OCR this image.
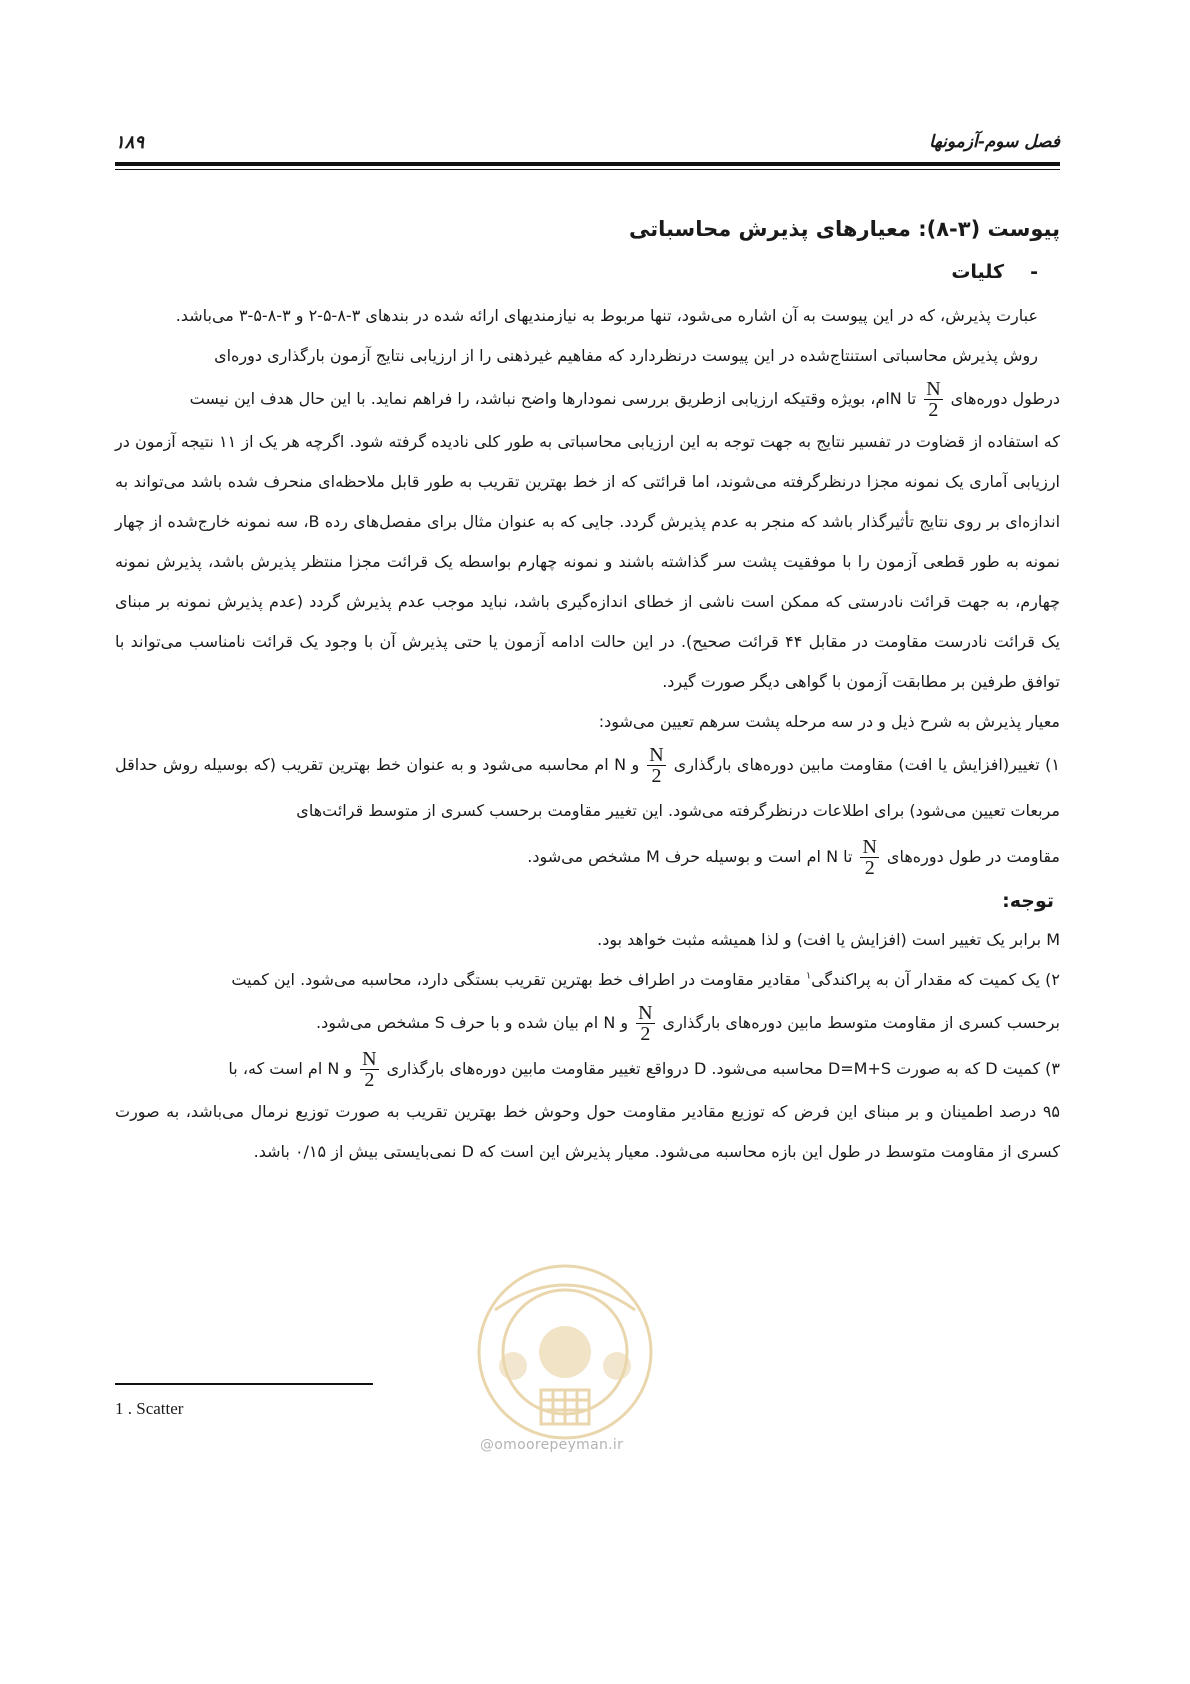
فصل سوم-آزمونها
۱۸۹
پیوست (۳-۸): معیارهای پذیرش محاسباتی
-کلیات

عبارت پذیرش، که در این پیوست به آن اشاره می‌شود، تنها مربوط به نیازمندیهای ارائه شده در بندهای ۳-۸-۵-۲ و ۳-۸-۵-۳ می‌باشد.

روش پذیرش محاسباتی استنتاج‌شده در این پیوست درنظردارد که مفاهیم غیرذهنی را از ارزیابی نتایج آزمون بارگذاری دوره‌ای

درطول دوره‌های
$\frac{N}{2}$
تا Nام، بویژه وقتیکه ارزیابی ازطریق بررسی نمودارها واضح نباشد، را فراهم نماید. با این حال هدف این نیست

که استفاده از قضاوت در تفسیر نتایج به جهت توجه به این ارزیابی محاسباتی به طور کلی نادیده گرفته شود. اگرچه هر یک از ۱۱ نتیجه آزمون در ارزیابی آماری یک نمونه مجزا درنظرگرفته می‌شوند، اما قرائتی که از خط بهترین تقریب به طور قابل ملاحظه‌ای منحرف شده باشد می‌تواند به اندازه‌ای بر روی نتایج تأثیرگذار باشد که منجر به عدم پذیرش گردد. جایی که به عنوان مثال برای مفصل‌های رده B، سه نمونه خارج‌شده از چهار نمونه به طور قطعی آزمون را با موفقیت پشت سر گذاشته باشند و نمونه چهارم بواسطه یک قرائت مجزا منتظر پذیرش باشد، پذیرش نمونه چهارم، به جهت قرائت نادرستی که ممکن است ناشی از خطای اندازه‌گیری باشد، نباید موجب عدم پذیرش گردد (عدم پذیرش نمونه بر مبنای یک قرائت نادرست مقاومت در مقابل ۴۴ قرائت صحیح). در این حالت ادامه آزمون یا حتی پذیرش آن با وجود یک قرائت نامناسب می‌تواند با توافق طرفین بر مطابقت آزمون با گواهی دیگر صورت گیرد.

معیار پذیرش به شرح ذیل و در سه مرحله پشت سرهم تعیین می‌شود:

۱) تغییر(افزایش یا افت) مقاومت مابین دوره‌های بارگذاری
$\frac{N}{2}$
و N ام محاسبه می‌شود و به عنوان خط بهترین تقریب (که بوسیله روش حداقل مربعات تعیین می‌شود) برای اطلاعات درنظرگرفته می‌شود. این تغییر مقاومت برحسب کسری از متوسط قرائت‌های

مقاومت در طول دوره‌های
$\frac{N}{2}$
تا N ام است و بوسیله حرف M مشخص می‌شود.

توجه:

M برابر یک تغییر است (افزایش یا افت) و لذا همیشه مثبت خواهد بود.

۲) یک کمیت که مقدار آن به پراکندگی$^۱$ مقادیر مقاومت در اطراف خط بهترین تقریب بستگی دارد، محاسبه می‌شود. این کمیت

برحسب کسری از مقاومت متوسط مابین دوره‌های بارگذاری
$\frac{N}{2}$
و N ام بیان شده و با حرف S مشخص می‌شود.

۳) کمیت D که به صورت D=M+S محاسبه می‌شود. D درواقع تغییر مقاومت مابین دوره‌های بارگذاری
$\frac{N}{2}$
و N ام است که، با

۹۵ درصد اطمینان و بر مبنای این فرض که توزیع مقادیر مقاومت حول وحوش خط بهترین تقریب به صورت توزیع نرمال می‌باشد، به صورت کسری از مقاومت متوسط در طول این بازه محاسبه می‌شود. معیار پذیرش این است که D نمی‌بایستی بیش از ۰/۱۵ باشد.

1 . Scatter
@omoorepeyman.ir
